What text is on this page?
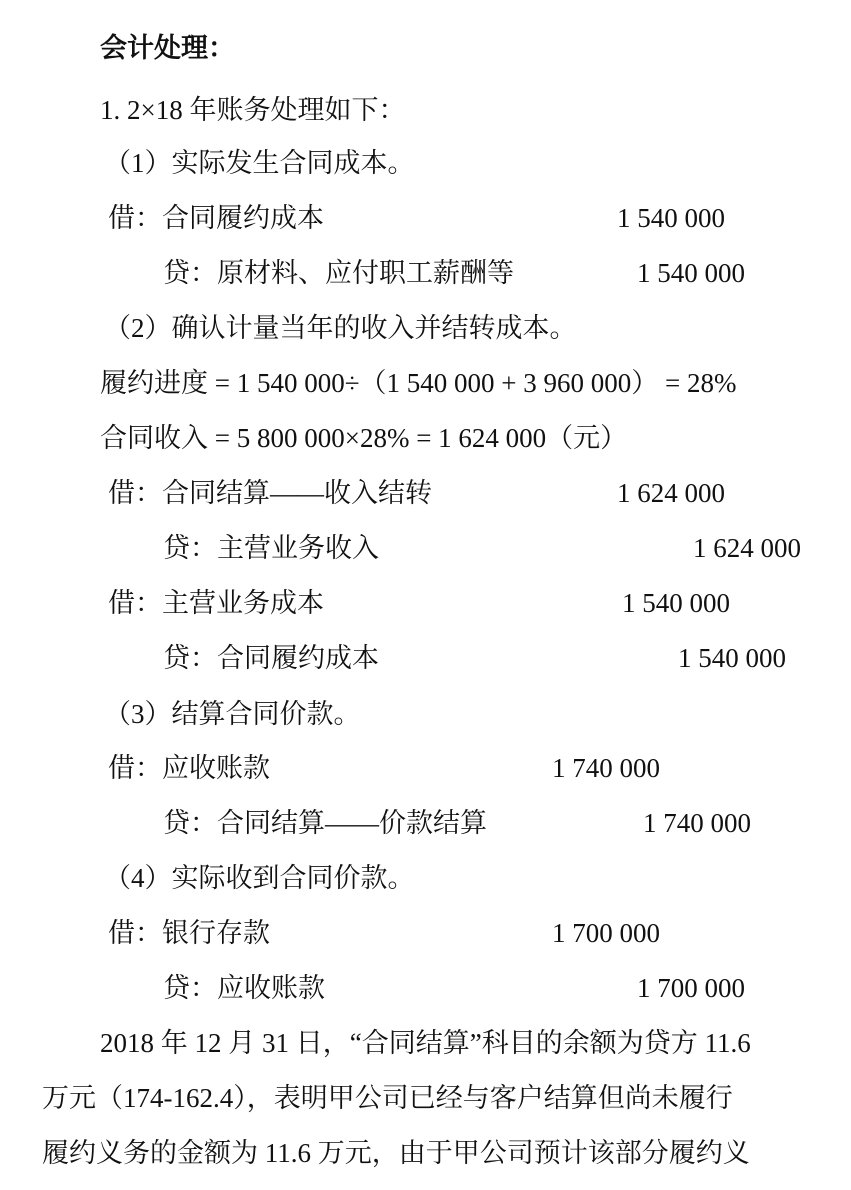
会计处理：
1. 2×18 年账务处理如下：
（1）实际发生合同成本。
借：合同履约成本	1 540 000
贷：原材料、应付职工薪酬等	1 540 000
（2）确认计量当年的收入并结转成本。
履约进度 = 1 540 000÷（1 540 000 + 3 960 000） = 28%
合同收入 = 5 800 000×28% = 1 624 000（元）
借：合同结算——收入结转	1 624 000
贷：主营业务收入	1 624 000
借：主营业务成本	1 540 000
贷：合同履约成本	1 540 000
（3）结算合同价款。
借：应收账款	1 740 000
贷：合同结算——价款结算	1 740 000
（4）实际收到合同价款。
借：银行存款	1 700 000
贷：应收账款	1 700 000
2018 年 12 月 31 日，“合同结算”科目的余额为贷方 11.6
万元（174-162.4），表明甲公司已经与客户结算但尚未履行
履约义务的金额为 11.6 万元，由于甲公司预计该部分履约义
